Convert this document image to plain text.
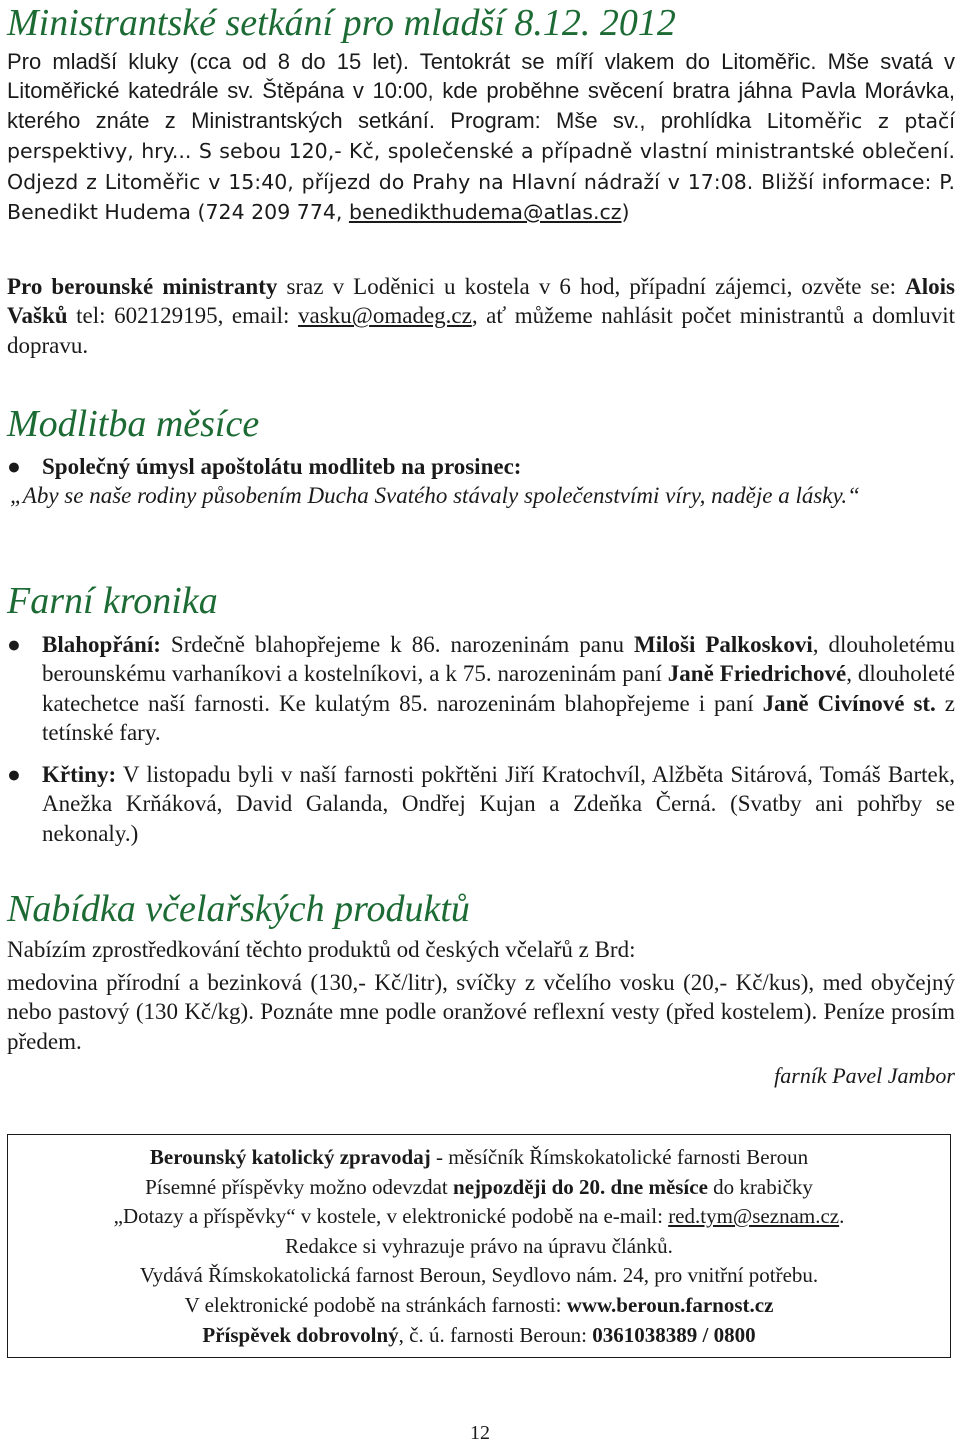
Ministrantské setkání pro mladší 8.12. 2012
Pro mladší kluky (cca od 8 do 15 let). Tentokrát se míří vlakem do Litoměřic. Mše svatá v Litoměřické katedrále sv. Štěpána v 10:00, kde proběhne svěcení bratra jáhna Pavla Morávka, kterého znáte z Ministrantských setkání. Program: Mše sv., prohlídka Litoměřic z ptačí perspektivy, hry... S sebou 120,- Kč, společenské a případně vlastní ministrantské oblečení. Odjezd z Litoměřic v 15:40, příjezd do Prahy na Hlavní nádraží v 17:08. Bližší informace: P. Benedikt Hudema (724 209 774, benedikthudema@atlas.cz)
Pro berounské ministranty sraz v Loděnici u kostela v 6 hod, případní zájemci, ozvěte se: Alois Vašků tel: 602129195, email: vasku@omadeg.cz, ať můžeme nahlásit počet ministrantů a domluvit dopravu.
Modlitba měsíce
● Společný úmysl apoštolátu modliteb na prosinec:
„Aby se naše rodiny působením Ducha Svatého stávaly společenstvími víry, naděje a lásky.“
Farní kronika
● Blahopřání: Srdečně blahopřejeme k 86. narozeninám panu Miloši Palkoskovi, dlouholetému berounskému varhaníkovi a kostelníkovi, a k 75. narozeninám paní Janě Friedrichové, dlouholeté katechetce naší farnosti. Ke kulatým 85. narozeninám blahopřejeme i paní Janě Civínové st. z tetínské fary.
● Křtiny: V listopadu byli v naší farnosti pokřtěni Jiří Kratochvíl, Alžběta Sitárová, Tomáš Bartek, Anežka Krňáková, David Galanda, Ondřej Kujan a Zdeňka Černá. (Svatby ani pohřby se nekonaly.)
Nabídka včelařských produktů
Nabízím zprostředkování těchto produktů od českých včelařů z Brd:
medovina přírodní a bezinková (130,- Kč/litr), svíčky z včelího vosku (20,- Kč/kus), med obyčejný nebo pastový (130 Kč/kg). Poznáte mne podle oranžové reflexní vesty (před kostelem). Peníze prosím předem.
farník Pavel Jambor
Berounský katolický zpravodaj - měsíčník Římskokatolické farnosti Beroun
Písemné příspěvky možno odevzdat nejpozději do 20. dne měsíce do krabičky
„Dotazy a příspěvky“ v kostele, v elektronické podobě na e-mail: red.tym@seznam.cz.
Redakce si vyhrazuje právo na úpravu článků.
Vydává Římskokatolická farnost Beroun, Seydlovo nám. 24, pro vnitřní potřebu.
V elektronické podobě na stránkách farnosti: www.beroun.farnost.cz
Příspěvek dobrovolný, č. ú. farnosti Beroun: 0361038389 / 0800
12
